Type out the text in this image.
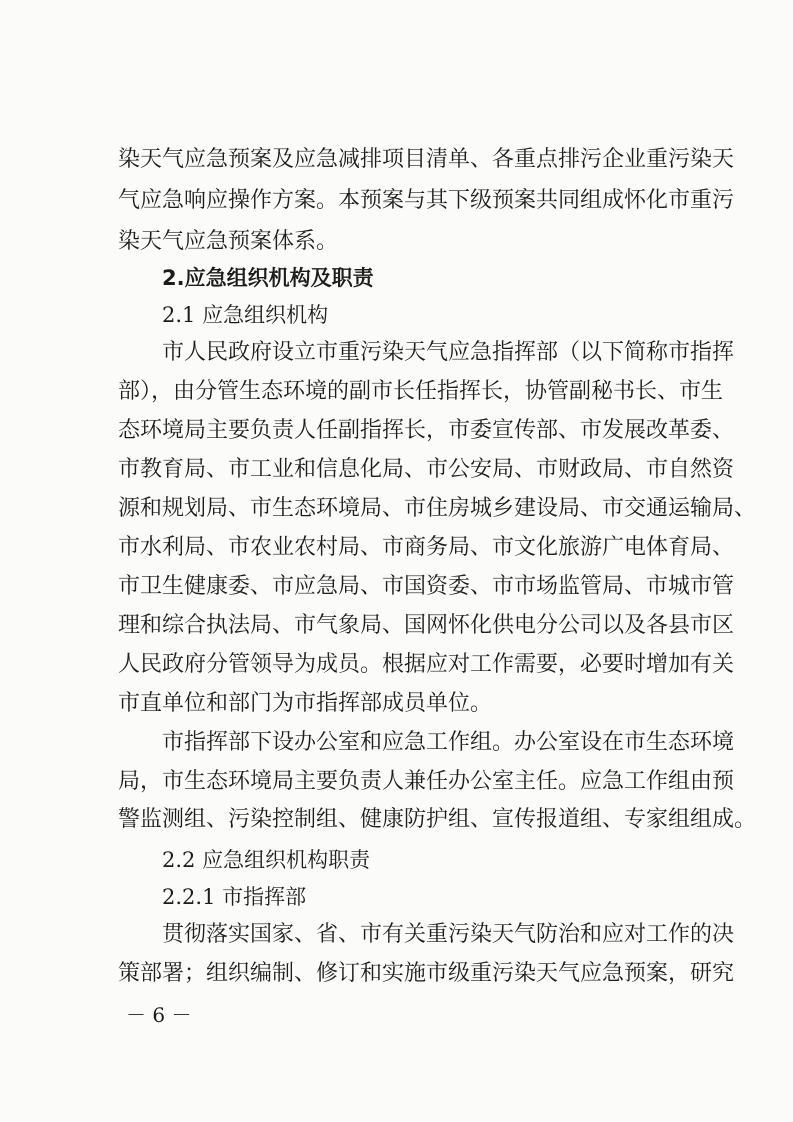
染天气应急预案及应急减排项目清单、各重点排污企业重污染天
气应急响应操作方案。本预案与其下级预案共同组成怀化市重污
染天气应急预案体系。
2.应急组织机构及职责
2.1 应急组织机构
市人民政府设立市重污染天气应急指挥部（以下简称市指挥
部），由分管生态环境的副市长任指挥长，协管副秘书长、市生
态环境局主要负责人任副指挥长，市委宣传部、市发展改革委、
市教育局、市工业和信息化局、市公安局、市财政局、市自然资
源和规划局、市生态环境局、市住房城乡建设局、市交通运输局、
市水利局、市农业农村局、市商务局、市文化旅游广电体育局、
市卫生健康委、市应急局、市国资委、市市场监管局、市城市管
理和综合执法局、市气象局、国网怀化供电分公司以及各县市区
人民政府分管领导为成员。根据应对工作需要，必要时增加有关
市直单位和部门为市指挥部成员单位。
市指挥部下设办公室和应急工作组。办公室设在市生态环境
局，市生态环境局主要负责人兼任办公室主任。应急工作组由预
警监测组、污染控制组、健康防护组、宣传报道组、专家组组成。
2.2 应急组织机构职责
2.2.1 市指挥部
贯彻落实国家、省、市有关重污染天气防治和应对工作的决
策部署；组织编制、修订和实施市级重污染天气应急预案，研究
－ 6 －
